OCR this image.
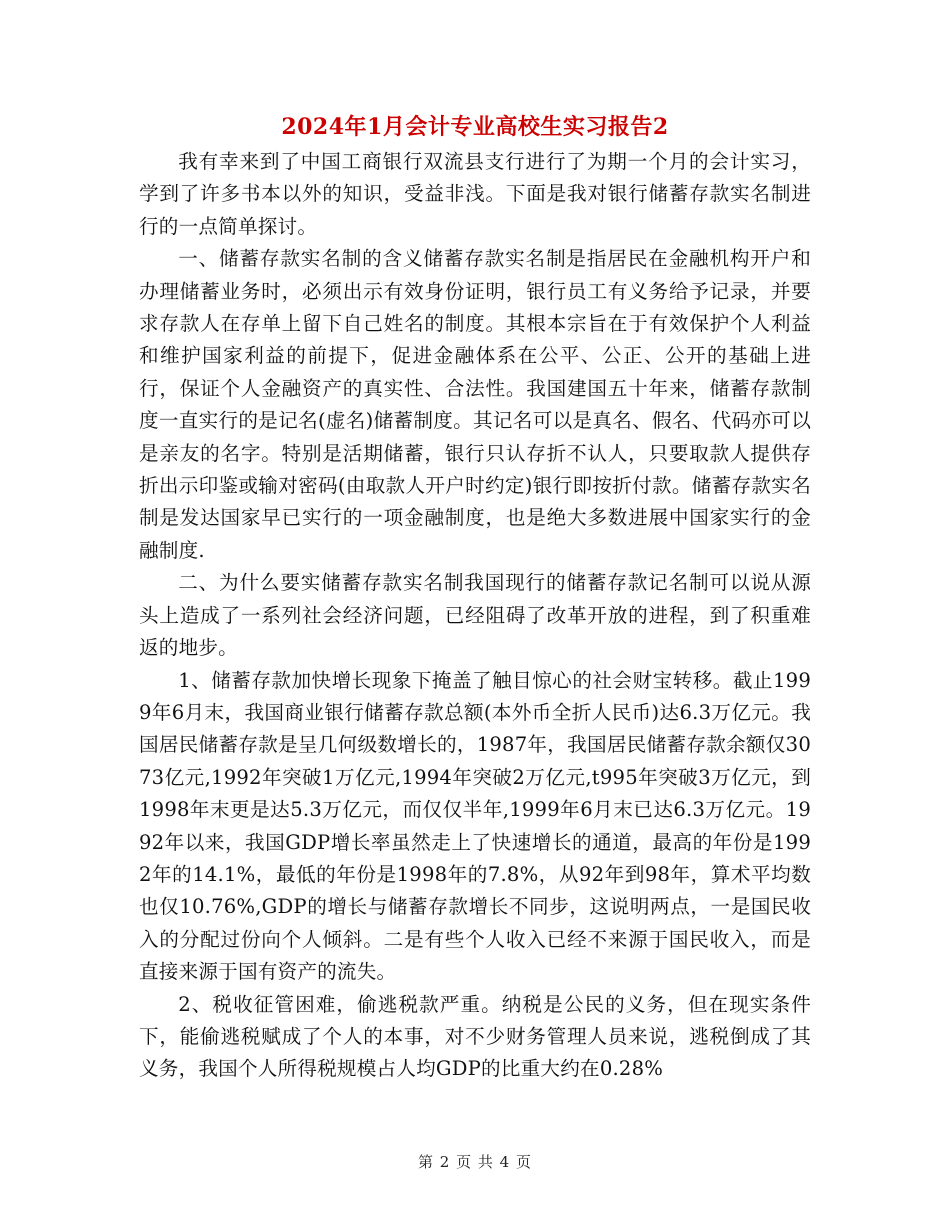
2024年1月会计专业高校生实习报告2

我有幸来到了中国工商银行双流县支行进行了为期一个月的会计实习，学到了许多书本以外的知识，受益非浅。下面是我对银行储蓄存款实名制进行的一点简单探讨。

一、储蓄存款实名制的含义储蓄存款实名制是指居民在金融机构开户和办理储蓄业务时，必须出示有效身份证明，银行员工有义务给予记录，并要求存款人在存单上留下自己姓名的制度。其根本宗旨在于有效保护个人利益和维护国家利益的前提下，促进金融体系在公平、公正、公开的基础上进行，保证个人金融资产的真实性、合法性。我国建国五十年来，储蓄存款制度一直实行的是记名(虚名)储蓄制度。其记名可以是真名、假名、代码亦可以是亲友的名字。特别是活期储蓄，银行只认存折不认人，只要取款人提供存折出示印鉴或输对密码(由取款人开户时约定)银行即按折付款。储蓄存款实名制是发达国家早已实行的一项金融制度，也是绝大多数进展中国家实行的金融制度.

二、为什么要实储蓄存款实名制我国现行的储蓄存款记名制可以说从源头上造成了一系列社会经济问题，已经阻碍了改革开放的进程，到了积重难返的地步。

1、储蓄存款加快增长现象下掩盖了触目惊心的社会财宝转移。截止1999年6月末，我国商业银行储蓄存款总额(本外币全折人民币)达6.3万亿元。我国居民储蓄存款是呈几何级数增长的，1987年，我国居民储蓄存款余额仅3073亿元,1992年突破1万亿元,1994年突破2万亿元,t995年突破3万亿元，到1998年末更是达5.3万亿元，而仅仅半年,1999年6月末已达6.3万亿元。1992年以来，我国GDP增长率虽然走上了快速增长的通道，最高的年份是1992年的14.1%，最低的年份是1998年的7.8%，从92年到98年，算术平均数也仅10.76%,GDP的增长与储蓄存款增长不同步，这说明两点，一是国民收入的分配过份向个人倾斜。二是有些个人收入已经不来源于国民收入，而是直接来源于国有资产的流失。

2、税收征管困难，偷逃税款严重。纳税是公民的义务，但在现实条件下，能偷逃税赋成了个人的本事，对不少财务管理人员来说，逃税倒成了其义务，我国个人所得税规模占人均GDP的比重大约在0.28%

第 2 页 共 4 页
